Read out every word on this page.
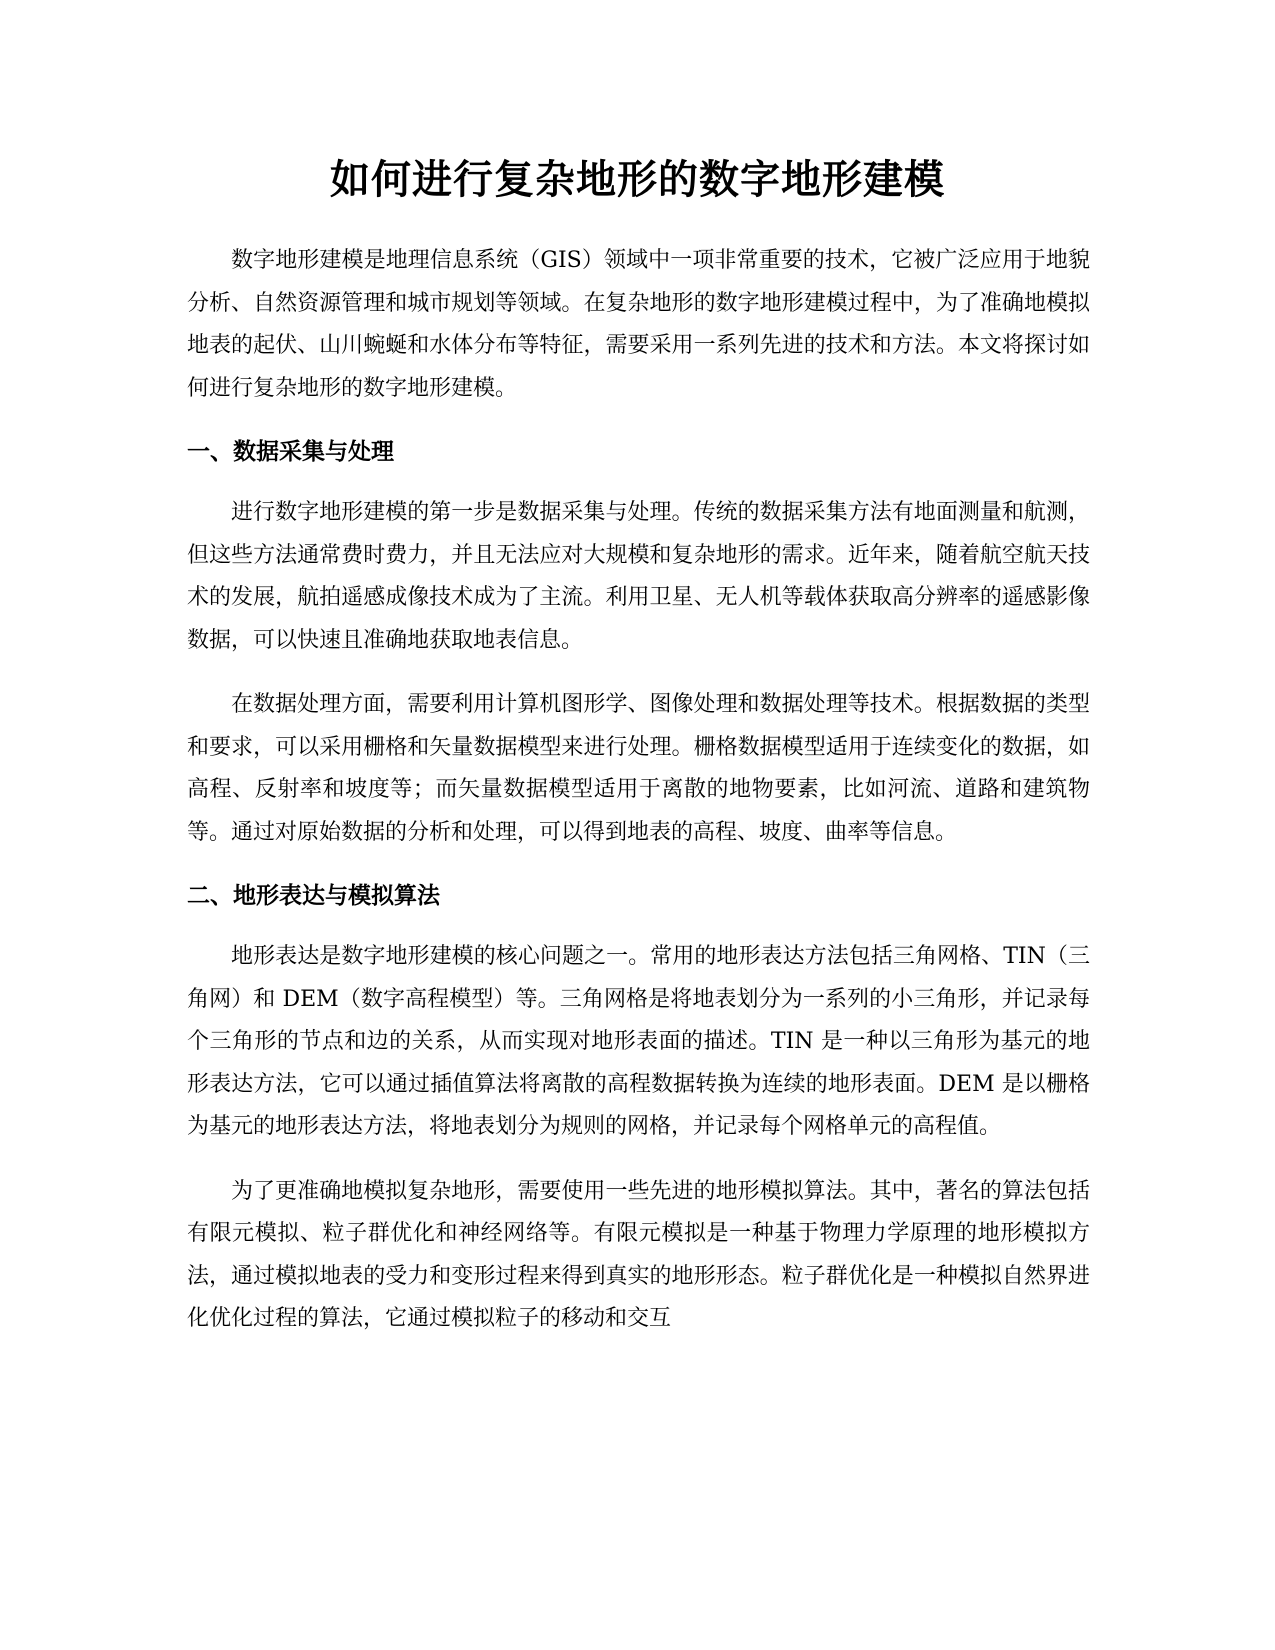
如何进行复杂地形的数字地形建模

数字地形建模是地理信息系统（GIS）领域中一项非常重要的技术，它被广泛应用于地貌分析、自然资源管理和城市规划等领域。在复杂地形的数字地形建模过程中，为了准确地模拟地表的起伏、山川蜿蜒和水体分布等特征，需要采用一系列先进的技术和方法。本文将探讨如何进行复杂地形的数字地形建模。

一、数据采集与处理

进行数字地形建模的第一步是数据采集与处理。传统的数据采集方法有地面测量和航测，但这些方法通常费时费力，并且无法应对大规模和复杂地形的需求。近年来，随着航空航天技术的发展，航拍遥感成像技术成为了主流。利用卫星、无人机等载体获取高分辨率的遥感影像数据，可以快速且准确地获取地表信息。

在数据处理方面，需要利用计算机图形学、图像处理和数据处理等技术。根据数据的类型和要求，可以采用栅格和矢量数据模型来进行处理。栅格数据模型适用于连续变化的数据，如高程、反射率和坡度等；而矢量数据模型适用于离散的地物要素，比如河流、道路和建筑物等。通过对原始数据的分析和处理，可以得到地表的高程、坡度、曲率等信息。

二、地形表达与模拟算法

地形表达是数字地形建模的核心问题之一。常用的地形表达方法包括三角网格、TIN（三角网）和 DEM（数字高程模型）等。三角网格是将地表划分为一系列的小三角形，并记录每个三角形的节点和边的关系，从而实现对地形表面的描述。TIN 是一种以三角形为基元的地形表达方法，它可以通过插值算法将离散的高程数据转换为连续的地形表面。DEM 是以栅格为基元的地形表达方法，将地表划分为规则的网格，并记录每个网格单元的高程值。

为了更准确地模拟复杂地形，需要使用一些先进的地形模拟算法。其中，著名的算法包括有限元模拟、粒子群优化和神经网络等。有限元模拟是一种基于物理力学原理的地形模拟方法，通过模拟地表的受力和变形过程来得到真实的地形形态。粒子群优化是一种模拟自然界进化优化过程的算法，它通过模拟粒子的移动和交互
